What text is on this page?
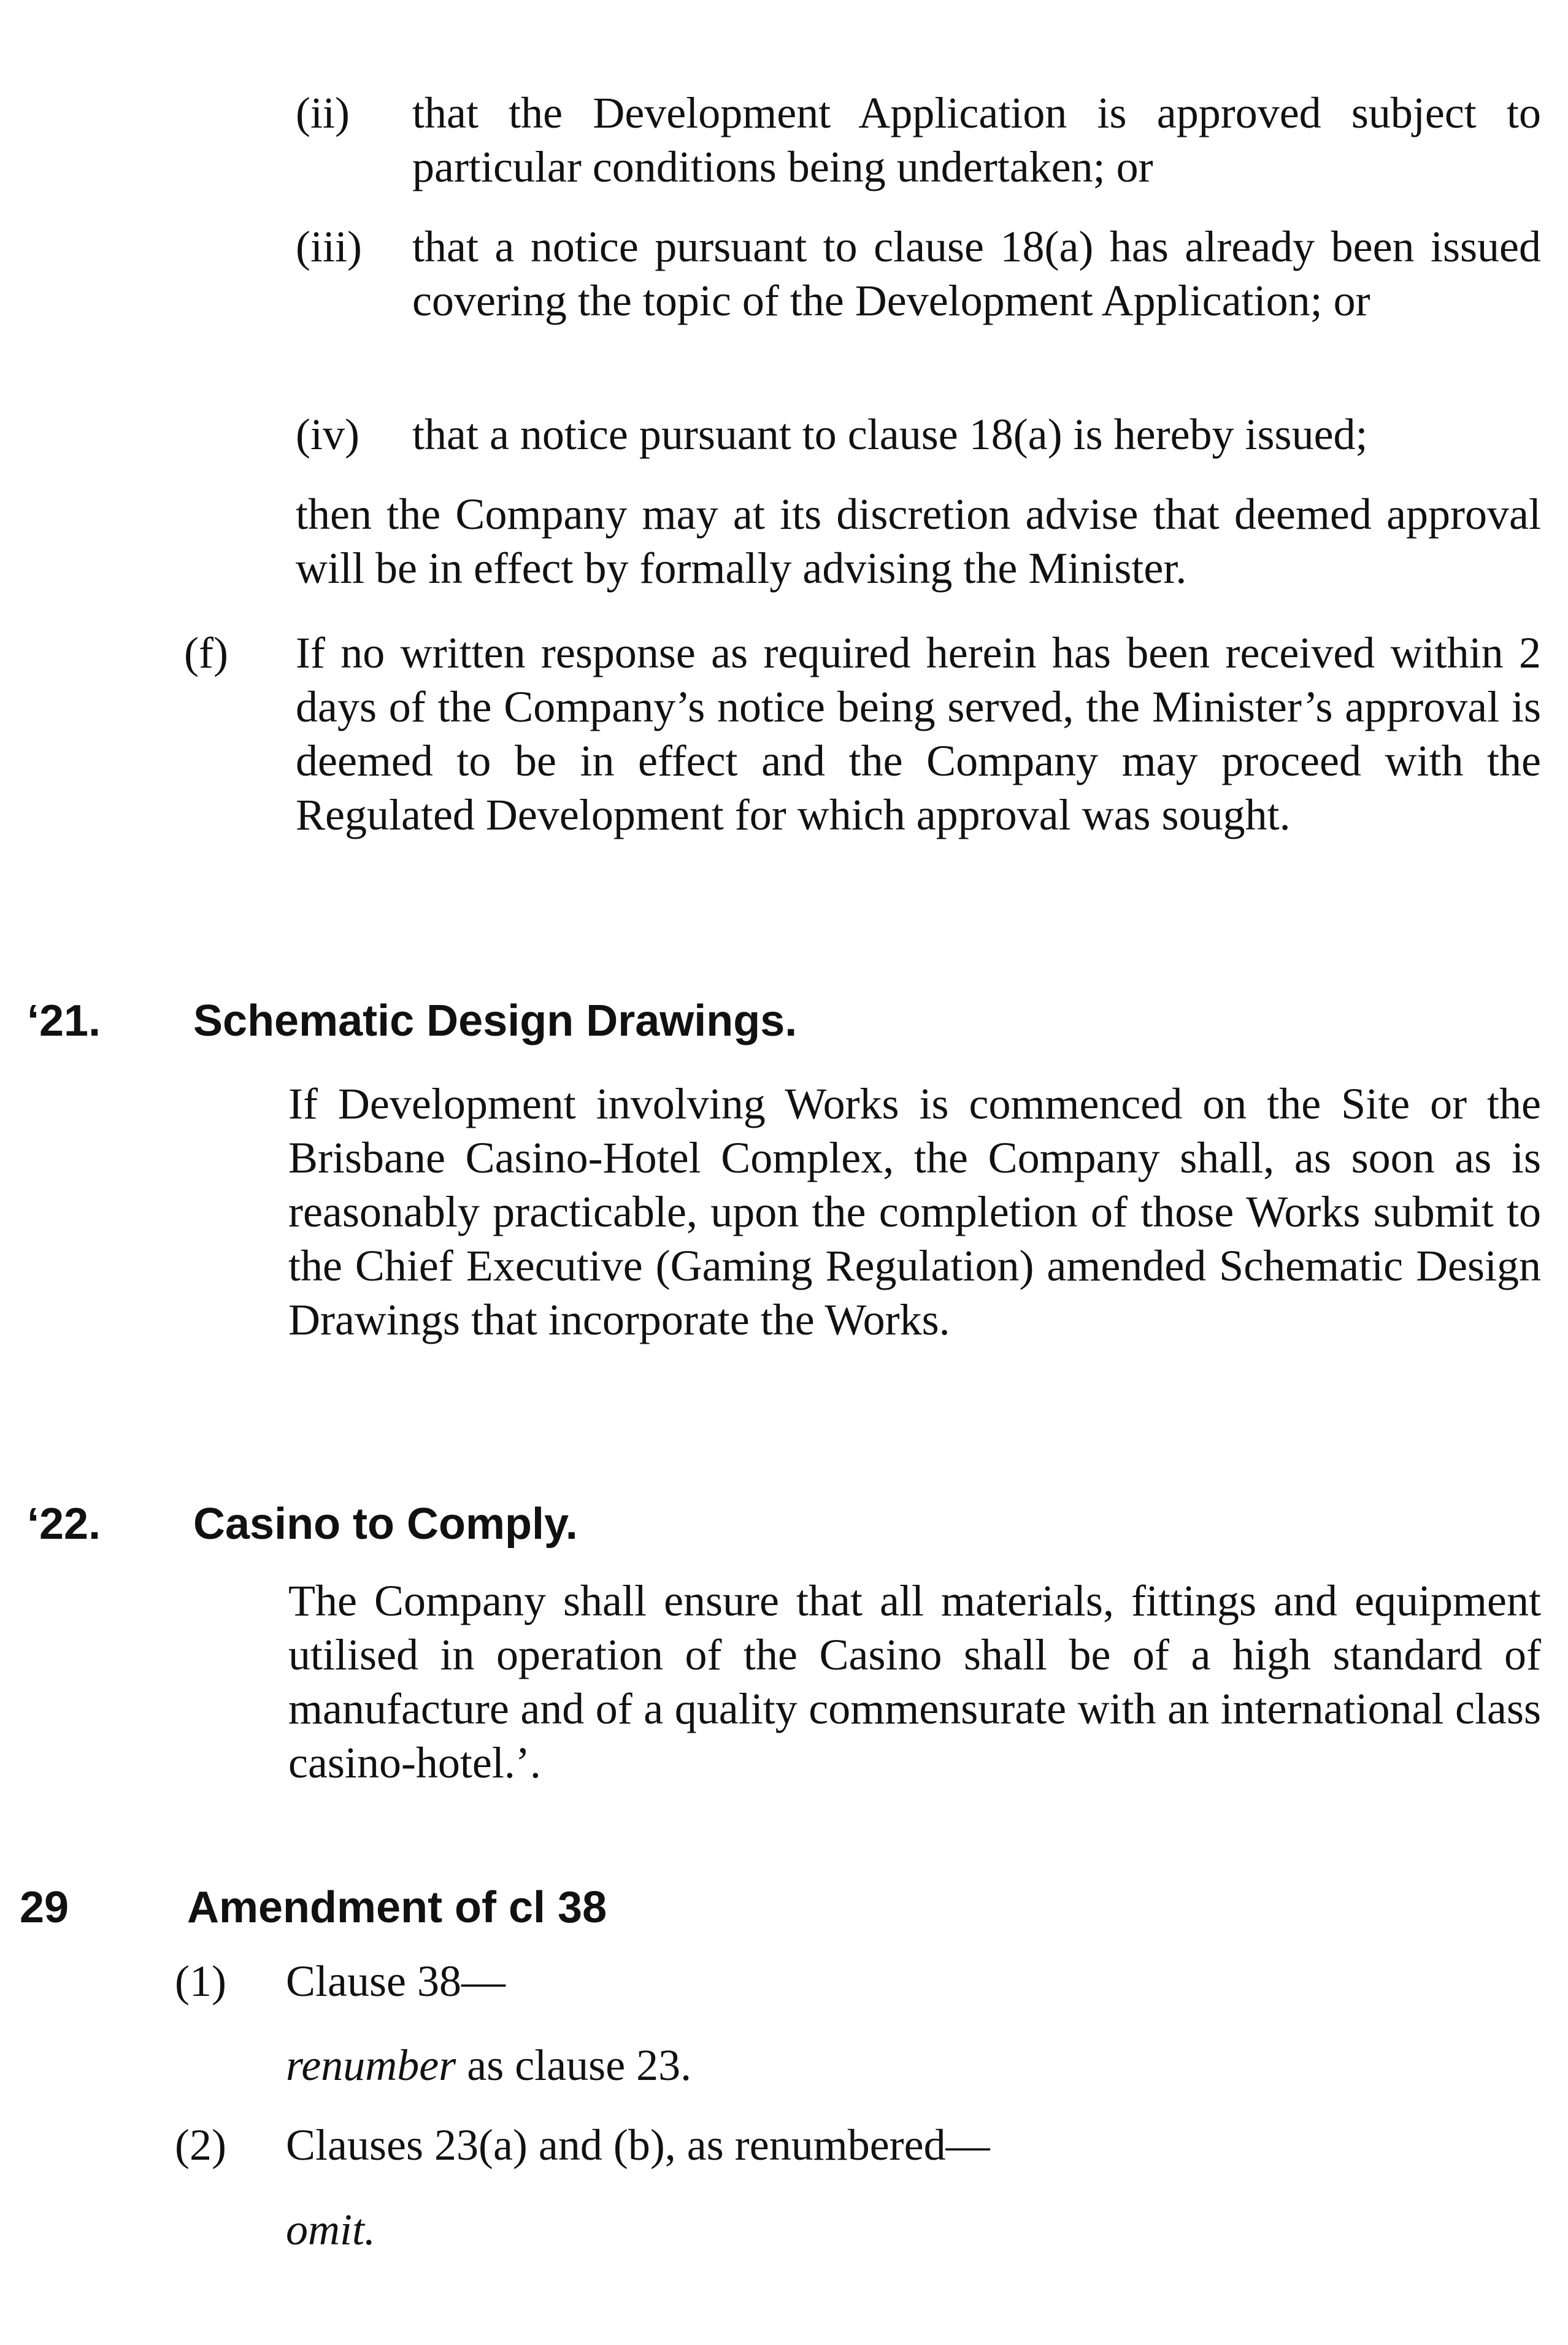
(ii) that the Development Application is approved subject to particular conditions being undertaken; or
(iii) that a notice pursuant to clause 18(a) has already been issued covering the topic of the Development Application; or
(iv) that a notice pursuant to clause 18(a) is hereby issued;
then the Company may at its discretion advise that deemed approval will be in effect by formally advising the Minister.
(f) If no written response as required herein has been received within 2 days of the Company’s notice being served, the Minister’s approval is deemed to be in effect and the Company may proceed with the Regulated Development for which approval was sought.
‘21. Schematic Design Drawings.
If Development involving Works is commenced on the Site or the Brisbane Casino-Hotel Complex, the Company shall, as soon as is reasonably practicable, upon the completion of those Works submit to the Chief Executive (Gaming Regulation) amended Schematic Design Drawings that incorporate the Works.
‘22. Casino to Comply.
The Company shall ensure that all materials, fittings and equipment utilised in operation of the Casino shall be of a high standard of manufacture and of a quality commensurate with an international class casino-hotel.’.
29	Amendment of cl 38
(1) Clause 38—
renumber as clause 23.
(2) Clauses 23(a) and (b), as renumbered—
omit.
